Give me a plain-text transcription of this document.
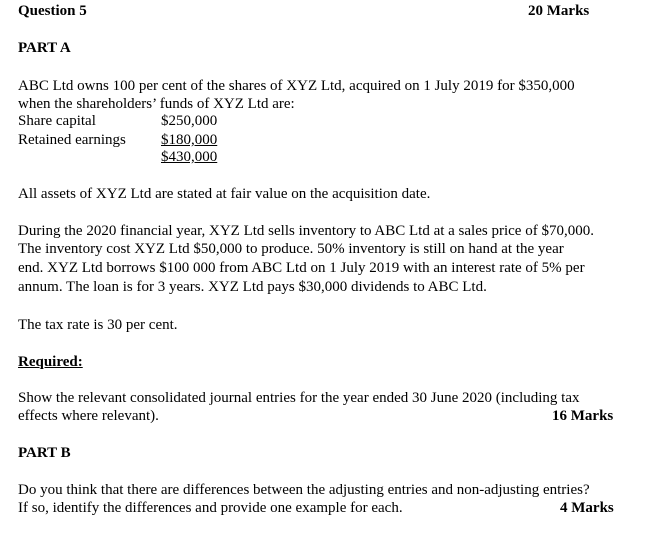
Question 5	20 Marks
PART A

ABC Ltd owns 100 per cent of the shares of XYZ Ltd, acquired on 1 July 2019 for $350,000

when the shareholders’ funds of XYZ Ltd are:
Share capital	$250,000
Retained earnings $180,000
$430,000
All assets of XYZ Ltd are stated at fair value on the acquisition date.

During the 2020 financial year, XYZ Ltd sells inventory to ABC Ltd at a sales price of $70,000.

The inventory cost XYZ Ltd $50,000 to produce. 50% inventory is still on hand at the year

end. XYZ Ltd borrows $100 000 from ABC Ltd on 1 July 2019 with an interest rate of 5% per

annum. The loan is for 3 years. XYZ Ltd pays $30,000 dividends to ABC Ltd.
The tax rate is 30 per cent.
Required:

Show the relevant consolidated journal entries for the year ended 30 June 2020 (including tax

effects where relevant).	16 Marks
PART B

Do you think that there are differences between the adjusting entries and non-adjusting entries?

If so, identify the differences and provide one example for each.	4 Marks
